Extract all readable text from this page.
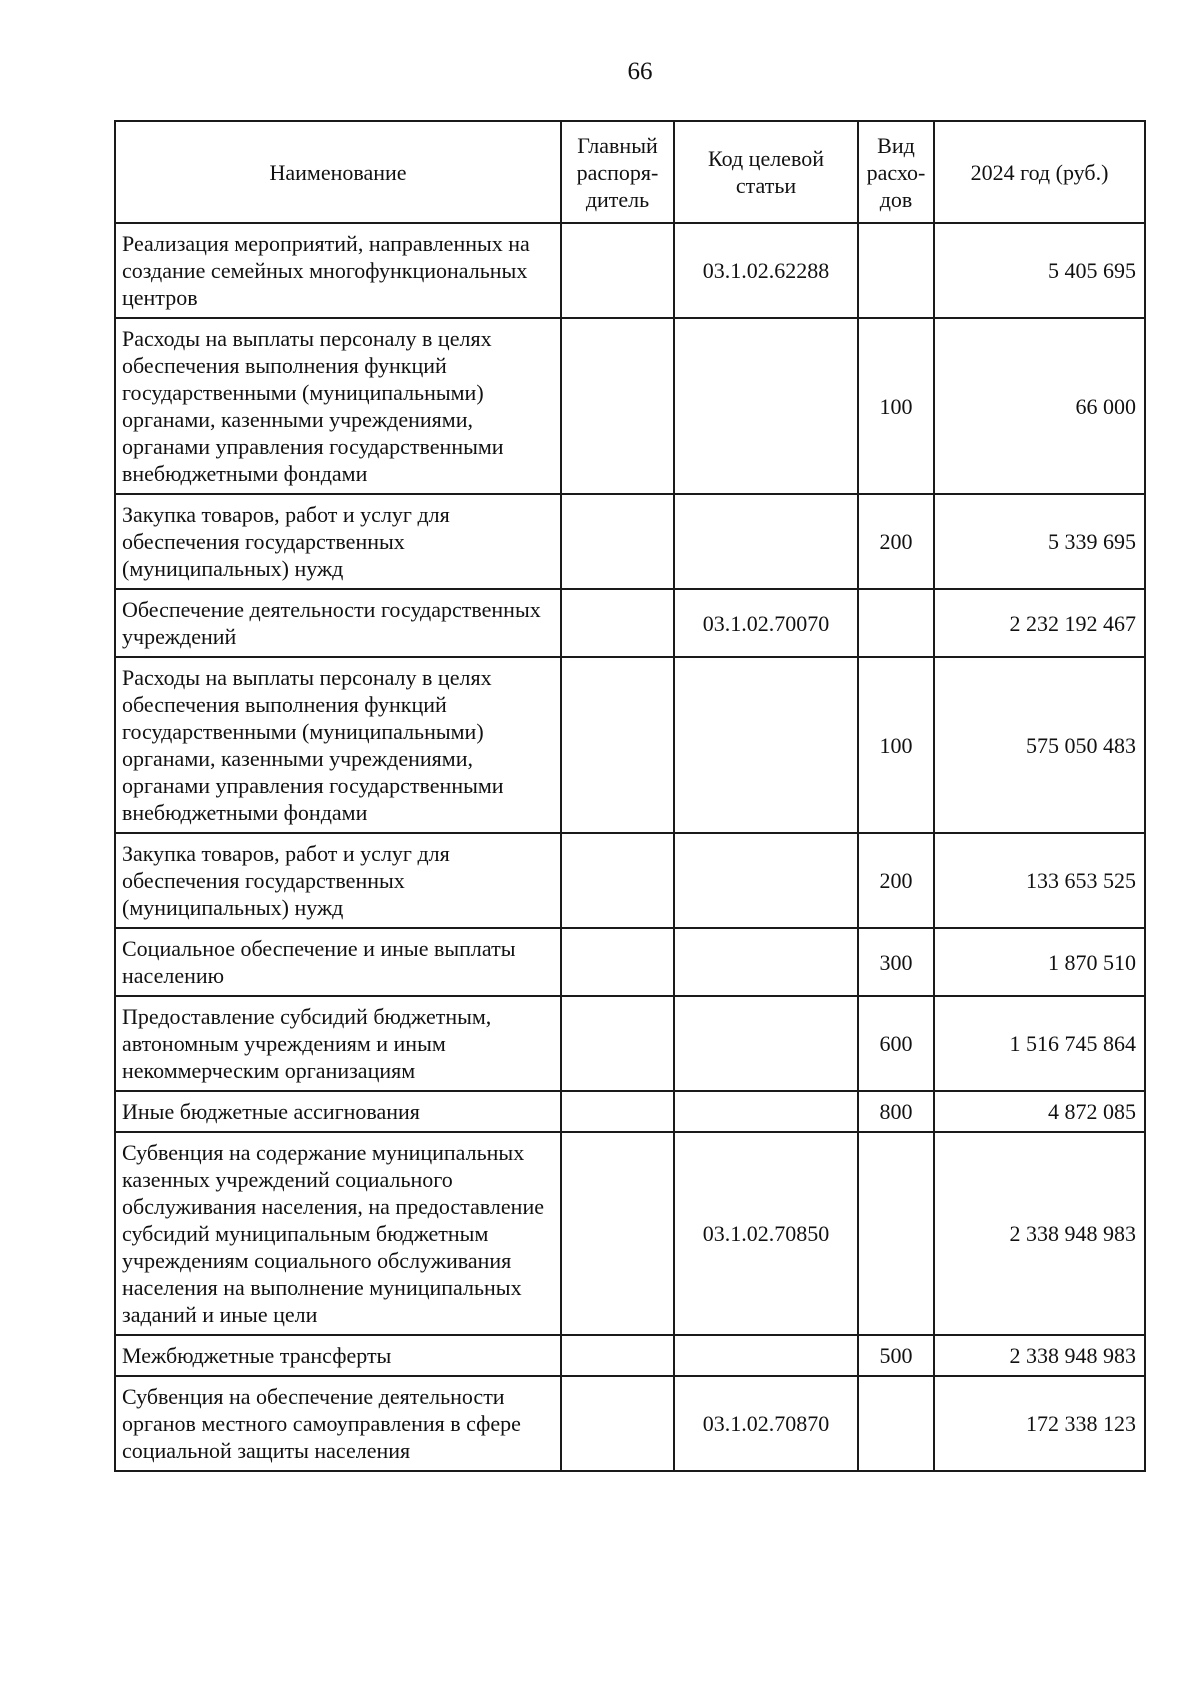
66
Наименование	Главный распоря-дитель	Код целевой статьи	Вид расхо-дов	2024 год (руб.)
Реализация мероприятий, направленных на создание семейных многофункциональных центров		03.1.02.62288		5 405 695
Расходы на выплаты персоналу в целях обеспечения выполнения функций государственными (муниципальными) органами, казенными учреждениями, органами управления государственными внебюджетными фондами			100	66 000
Закупка товаров, работ и услуг для обеспечения государственных (муниципальных) нужд			200	5 339 695
Обеспечение деятельности государственных учреждений		03.1.02.70070		2 232 192 467
Расходы на выплаты персоналу в целях обеспечения выполнения функций государственными (муниципальными) органами, казенными учреждениями, органами управления государственными внебюджетными фондами			100	575 050 483
Закупка товаров, работ и услуг для обеспечения государственных (муниципальных) нужд			200	133 653 525
Социальное обеспечение и иные выплаты населению			300	1 870 510
Предоставление субсидий бюджетным, автономным учреждениям и иным некоммерческим организациям			600	1 516 745 864
Иные бюджетные ассигнования			800	4 872 085
Субвенция на содержание муниципальных казенных учреждений социального обслуживания населения, на предоставление субсидий муниципальным бюджетным учреждениям социального обслуживания населения на выполнение муниципальных заданий и иные цели		03.1.02.70850		2 338 948 983
Межбюджетные трансферты			500	2 338 948 983
Субвенция на обеспечение деятельности органов местного самоуправления в сфере социальной защиты населения		03.1.02.70870		172 338 123
